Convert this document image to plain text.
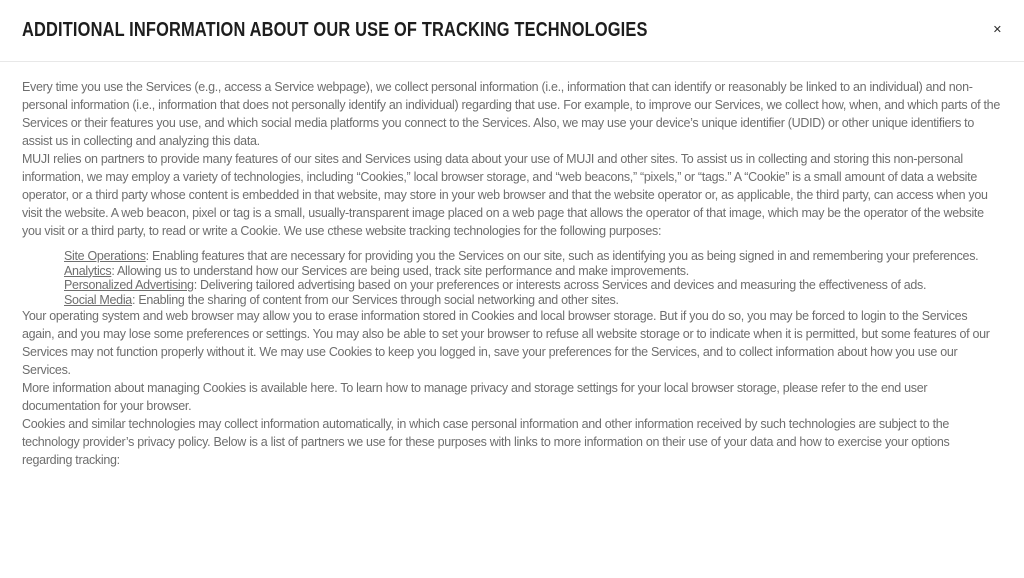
ADDITIONAL INFORMATION ABOUT OUR USE OF TRACKING TECHNOLOGIES	✕

Every time you use the Services (e.g., access a Service webpage), we collect personal information (i.e., information that can identify or reasonably be linked to an individual) and non-personal information (i.e., information that does not personally identify an individual) regarding that use. For example, to improve our Services, we collect how, when, and which parts of the Services or their features you use, and which social media platforms you connect to the Services. Also, we may use your device’s unique identifier (UDID) or other unique identifiers to assist us in collecting and analyzing this data.

MUJI relies on partners to provide many features of our sites and Services using data about your use of MUJI and other sites. To assist us in collecting and storing this non-personal information, we may employ a variety of technologies, including “Cookies,” local browser storage, and “web beacons,” “pixels,” or “tags.” A “Cookie” is a small amount of data a website operator, or a third party whose content is embedded in that website, may store in your web browser and that the website operator or, as applicable, the third party, can access when you visit the website. A web beacon, pixel or tag is a small, usually-transparent image placed on a web page that allows the operator of that image, which may be the operator of the website you visit or a third party, to read or write a Cookie. We use cthese website tracking technologies for the following purposes:

• Site Operations: Enabling features that are necessary for providing you the Services on our site, such as identifying you as being signed in and remembering your preferences.
• Analytics: Allowing us to understand how our Services are being used, track site performance and make improvements.
• Personalized Advertising: Delivering tailored advertising based on your preferences or interests across Services and devices and measuring the effectiveness of ads.
• Social Media: Enabling the sharing of content from our Services through social networking and other sites.

Your operating system and web browser may allow you to erase information stored in Cookies and local browser storage. But if you do so, you may be forced to login to the Services again, and you may lose some preferences or settings. You may also be able to set your browser to refuse all website storage or to indicate when it is permitted, but some features of our Services may not function properly without it. We may use Cookies to keep you logged in, save your preferences for the Services, and to collect information about how you use our Services.

More information about managing Cookies is available here. To learn how to manage privacy and storage settings for your local browser storage, please refer to the end user documentation for your browser.

Cookies and similar technologies may collect information automatically, in which case personal information and other information received by such technologies are subject to the technology provider’s privacy policy. Below is a list of partners we use for these purposes with links to more information on their use of your data and how to exercise your options regarding tracking:
